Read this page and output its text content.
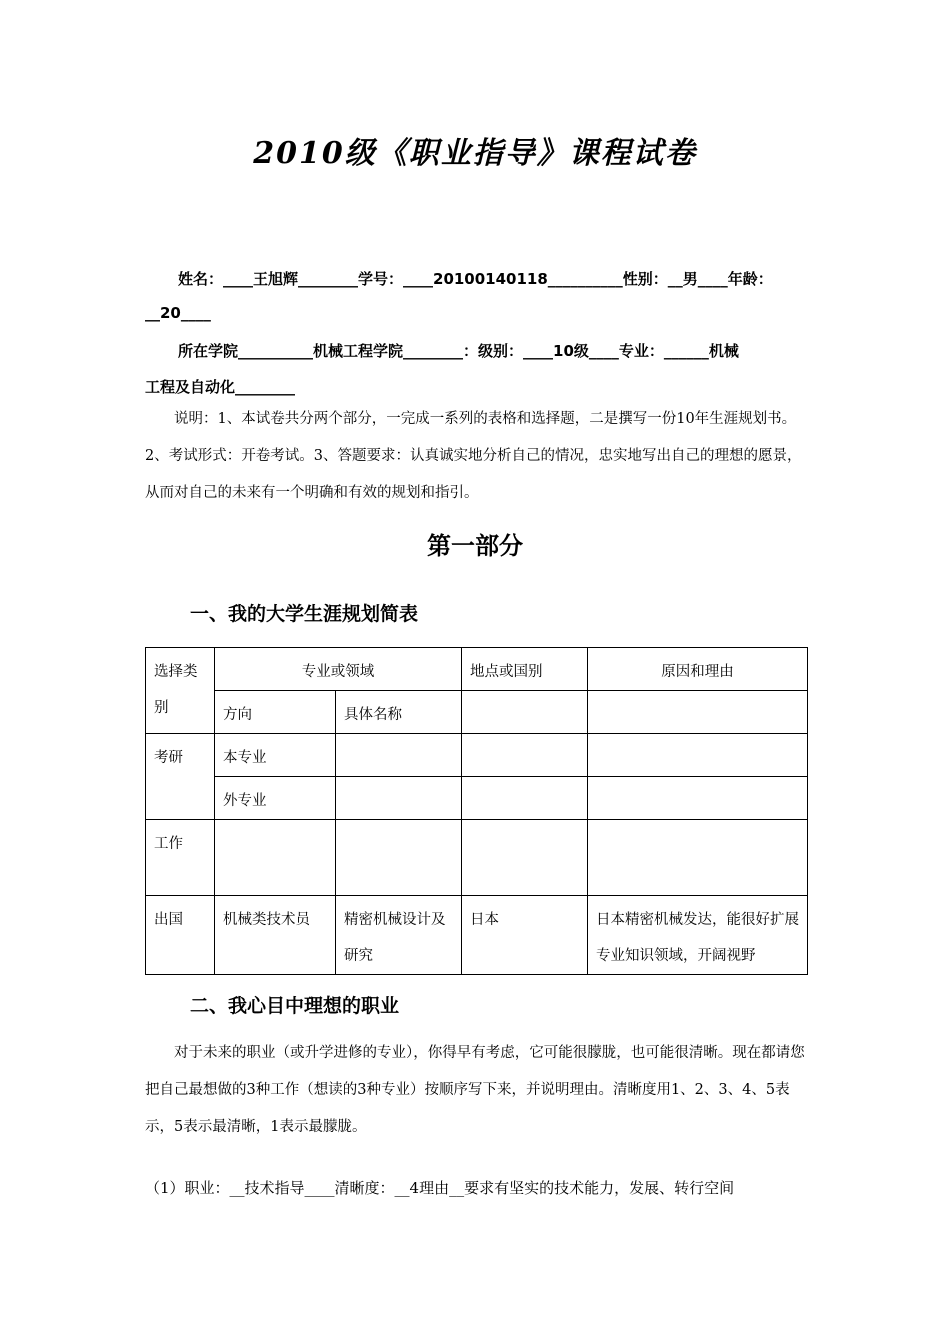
2010级《职业指导》课程试卷
姓名：____王旭辉________学号：____20100140118__________性别：__男____年龄：
__20____
所在学院__________机械工程学院________：级别：____10级____专业：______机械
工程及自动化________
说明：1、本试卷共分两个部分，一完成一系列的表格和选择题，二是撰写一份10年生涯规划书。2、考试形式：开卷考试。3、答题要求：认真诚实地分析自己的情况，忠实地写出自己的理想的愿景，从而对自己的未来有一个明确和有效的规划和指引。
第一部分
一、我的大学生涯规划简表
选择类别	专业或领域		地点或国别	原因和理由
	方向	具体名称		
考研	本专业			
	外专业			
工作				
出国	机械类技术员	精密机械设计及研究	日本	日本精密机械发达，能很好扩展专业知识领域，开阔视野
二、我心目中理想的职业
对于未来的职业（或升学进修的专业），你得早有考虑，它可能很朦胧，也可能很清晰。现在都请您把自己最想做的3种工作（想读的3种专业）按顺序写下来，并说明理由。清晰度用1、2、3、4、5表示，5表示最清晰，1表示最朦胧。
（1）职业：__技术指导____清晰度：__4理由__要求有坚实的技术能力，发展、转行空间
